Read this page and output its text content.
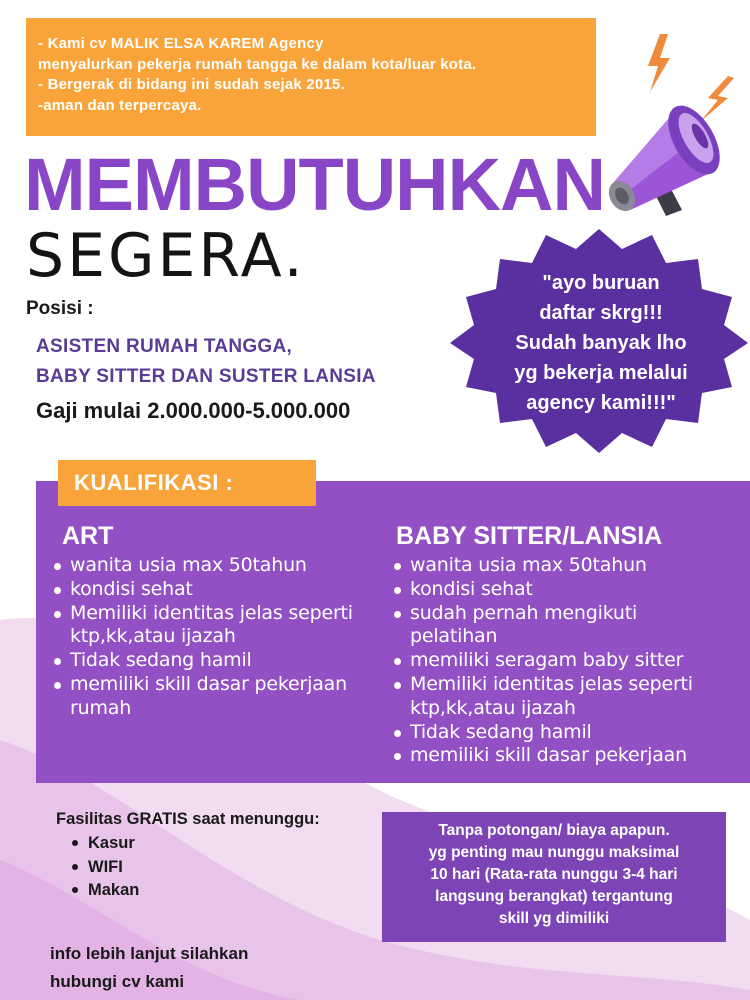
- Kami cv MALIK ELSA KAREM Agency
menyalurkan pekerja rumah tangga ke dalam kota/luar kota.
- Bergerak di bidang ini sudah sejak 2015.
-aman dan terpercaya.
MEMBUTUHKAN
SEGERA.	"ayo buruan
daftar skrg!!!
Sudah banyak lho
yg bekerja melalui
agency kami!!!"
Posisi :
ASISTEN RUMAH TANGGA,
BABY SITTER DAN SUSTER LANSIA
Gaji mulai 2.000.000-5.000.000
KUALIFIKASI :
ART
wanita usia max 50tahun
kondisi sehat
Memiliki identitas jelas seperti ktp,kk,atau ijazah
Tidak sedang hamil
memiliki skill dasar pekerjaan rumah
BABY SITTER/LANSIA
wanita usia max 50tahun
kondisi sehat
sudah pernah mengikuti pelatihan
memiliki seragam baby sitter
Memiliki identitas jelas seperti ktp,kk,atau ijazah
Tidak sedang hamil
memiliki skill dasar pekerjaan
Fasilitas GRATIS saat menunggu:
Kasur
WIFI
Makan
Tanpa potongan/ biaya apapun.
yg penting mau nunggu maksimal
10 hari (Rata-rata nunggu 3-4 hari
langsung berangkat) tergantung
skill yg dimiliki
info lebih lanjut silahkan
hubungi cv kami
